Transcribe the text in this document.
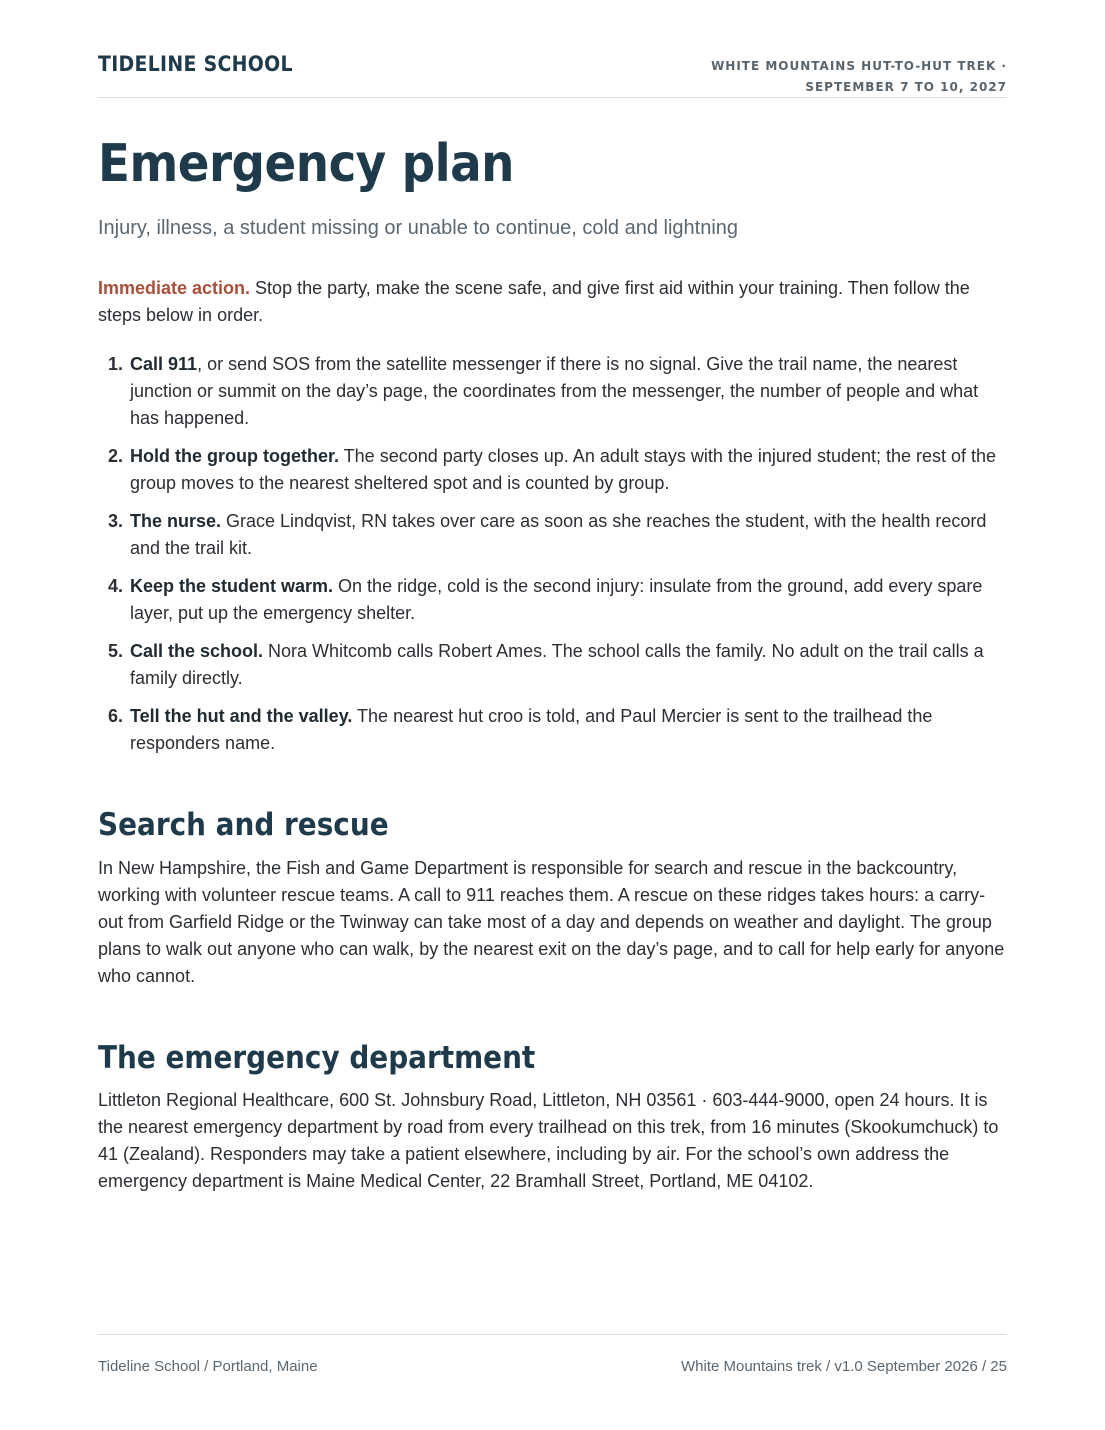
TIDELINE SCHOOL	WHITE MOUNTAINS HUT-TO-HUT TREK ·
SEPTEMBER 7 TO 10, 2027
Emergency plan
Injury, illness, a student missing or unable to continue, cold and lightning

Immediate action. Stop the party, make the scene safe, and give first aid within your training. Then follow the steps below in order.

1. Call 911, or send SOS from the satellite messenger if there is no signal. Give the trail name, the nearest junction or summit on the day’s page, the coordinates from the messenger, the number of people and what has happened.
2. Hold the group together. The second party closes up. An adult stays with the injured student; the rest of the group moves to the nearest sheltered spot and is counted by group.
3. The nurse. Grace Lindqvist, RN takes over care as soon as she reaches the student, with the health record and the trail kit.
4. Keep the student warm. On the ridge, cold is the second injury: insulate from the ground, add every spare layer, put up the emergency shelter.
5. Call the school. Nora Whitcomb calls Robert Ames. The school calls the family. No adult on the trail calls a family directly.
6. Tell the hut and the valley. The nearest hut croo is told, and Paul Mercier is sent to the trailhead the responders name.
Search and rescue

In New Hampshire, the Fish and Game Department is responsible for search and rescue in the backcountry, working with volunteer rescue teams. A call to 911 reaches them. A rescue on these ridges takes hours: a carry-out from Garfield Ridge or the Twinway can take most of a day and depends on weather and daylight. The group plans to walk out anyone who can walk, by the nearest exit on the day’s page, and to call for help early for anyone who cannot.

The emergency department

Littleton Regional Healthcare, 600 St. Johnsbury Road, Littleton, NH 03561 · 603-444-9000, open 24 hours. It is the nearest emergency department by road from every trailhead on this trek, from 16 minutes (Skookumchuck) to 41 (Zealand). Responders may take a patient elsewhere, including by air. For the school’s own address the emergency department is Maine Medical Center, 22 Bramhall Street, Portland, ME 04102.

Tideline School / Portland, Maine	White Mountains trek / v1.0 September 2026 / 25
